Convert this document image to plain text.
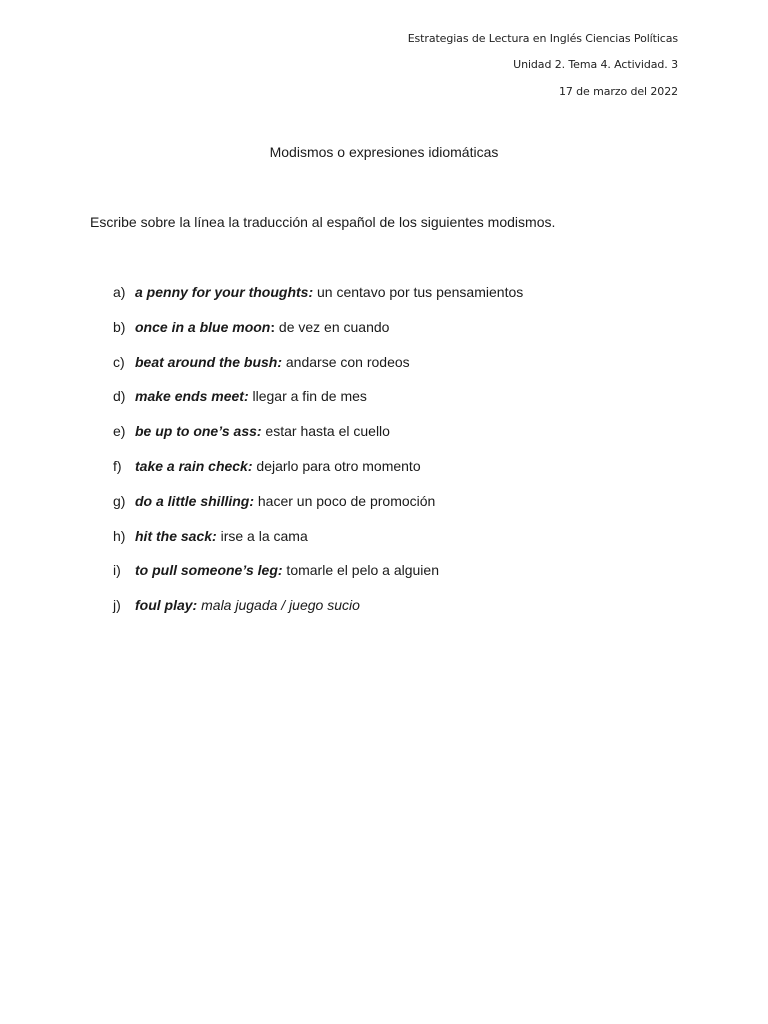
Estrategias de Lectura en Inglés Ciencias Políticas
Unidad 2. Tema 4. Actividad. 3
17 de marzo del 2022
Modismos o expresiones idiomáticas
Escribe sobre la línea la traducción al español de los siguientes modismos.
a) a penny for your thoughts: un centavo por tus pensamientos
b) once in a blue moon: de vez en cuando
c) beat around the bush: andarse con rodeos
d) make ends meet: llegar a fin de mes
e) be up to one’s ass: estar hasta el cuello
f) take a rain check: dejarlo para otro momento
g) do a little shilling: hacer un poco de promoción
h) hit the sack: irse a la cama
i)	to pull someone’s leg: tomarle el pelo a alguien
j)	foul play: mala jugada / juego sucio
